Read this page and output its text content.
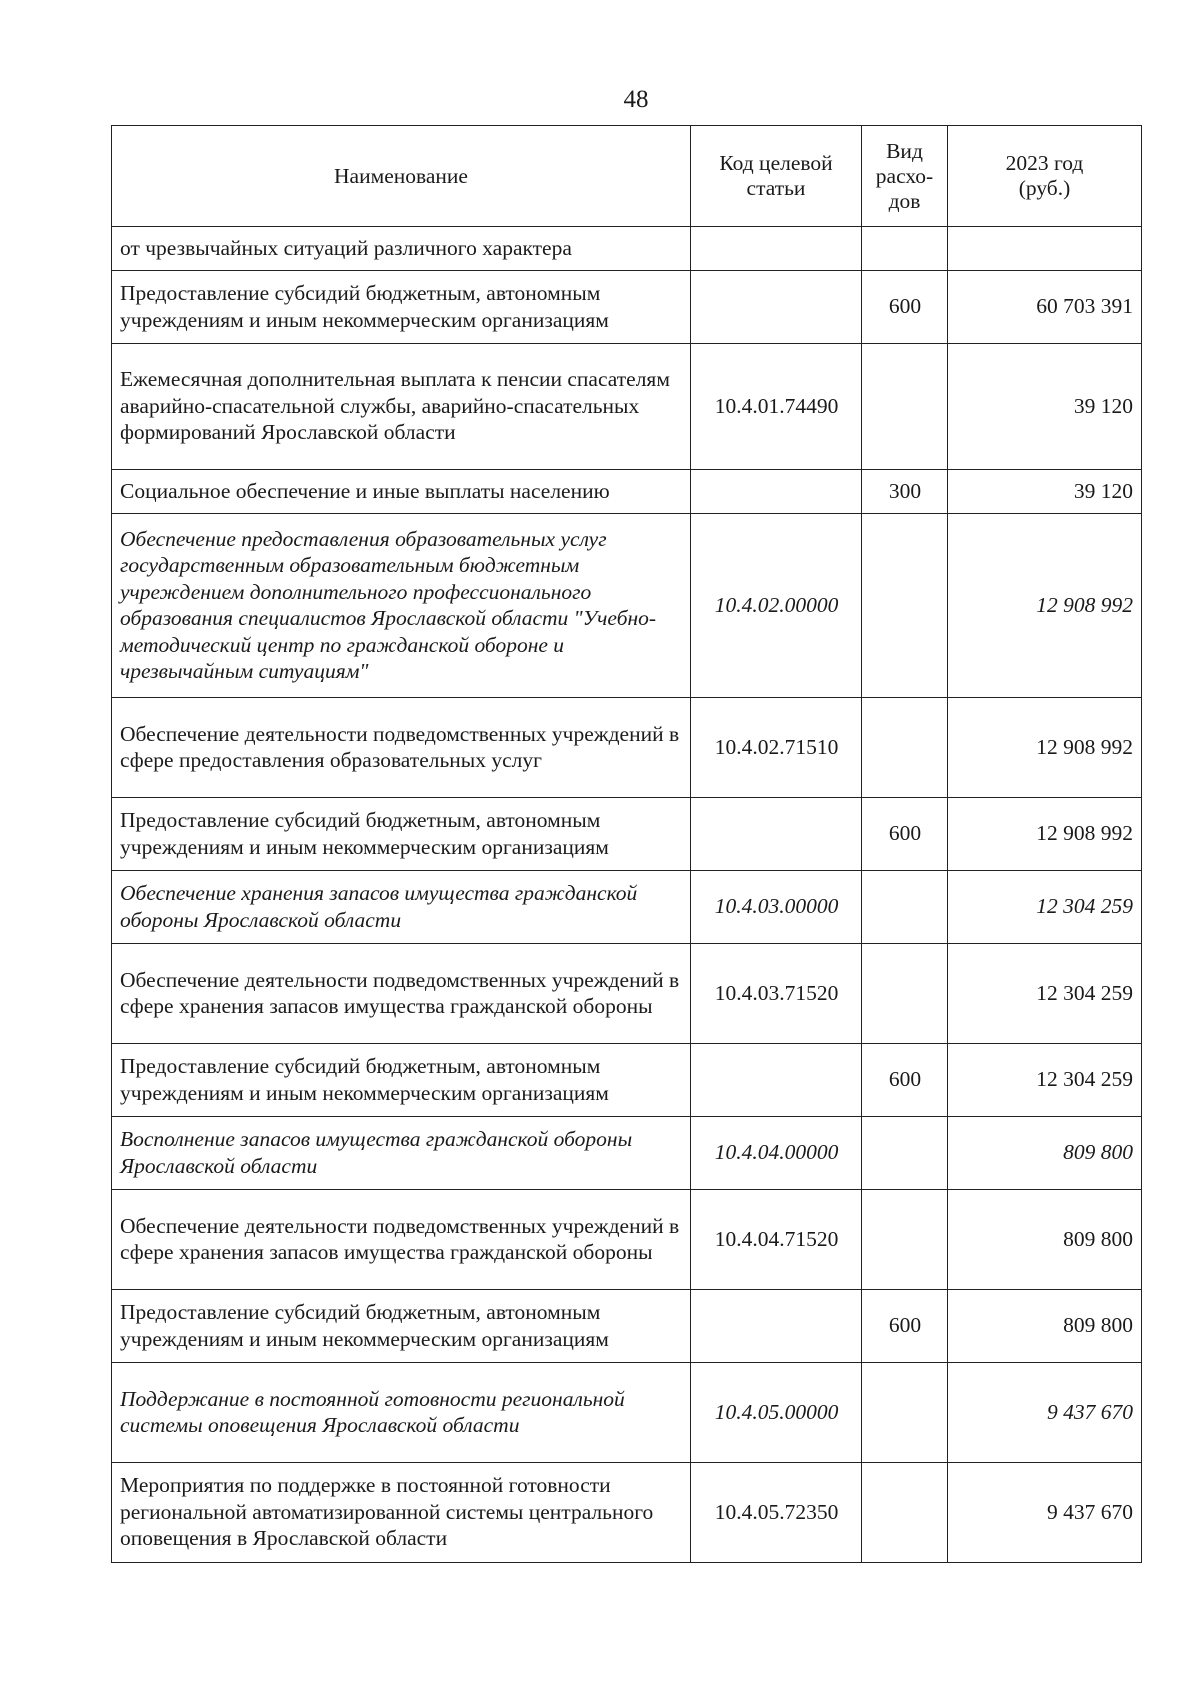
48
Наименование	Код целевой статьи	Вид расхо-дов	2023 год (руб.)
от чрезвычайных ситуаций различного характера			
Предоставление субсидий бюджетным, автономным учреждениям и иным некоммерческим организациям		600	60 703 391
Ежемесячная дополнительная выплата к пенсии спасателям аварийно-спасательной службы, аварийно-спасательных формирований Ярославской области	10.4.01.74490		39 120
Социальное обеспечение и иные выплаты населению		300	39 120
Обеспечение предоставления образовательных услуг государственным образовательным бюджетным учреждением дополнительного профессионального образования специалистов Ярославской области "Учебно-методический центр по гражданской обороне и чрезвычайным ситуациям"	10.4.02.00000		12 908 992
Обеспечение деятельности подведомственных учреждений в сфере предоставления образовательных услуг	10.4.02.71510		12 908 992
Предоставление субсидий бюджетным, автономным учреждениям и иным некоммерческим организациям		600	12 908 992
Обеспечение хранения запасов имущества гражданской обороны Ярославской области	10.4.03.00000		12 304 259
Обеспечение деятельности подведомственных учреждений в сфере хранения запасов имущества гражданской обороны	10.4.03.71520		12 304 259
Предоставление субсидий бюджетным, автономным учреждениям и иным некоммерческим организациям		600	12 304 259
Восполнение запасов имущества гражданской обороны Ярославской области	10.4.04.00000		809 800
Обеспечение деятельности подведомственных учреждений в сфере хранения запасов имущества гражданской обороны	10.4.04.71520		809 800
Предоставление субсидий бюджетным, автономным учреждениям и иным некоммерческим организациям		600	809 800
Поддержание в постоянной готовности региональной системы оповещения Ярославской области	10.4.05.00000		9 437 670
Мероприятия по поддержке в постоянной готовности региональной автоматизированной системы центрального оповещения в Ярославской области	10.4.05.72350		9 437 670
